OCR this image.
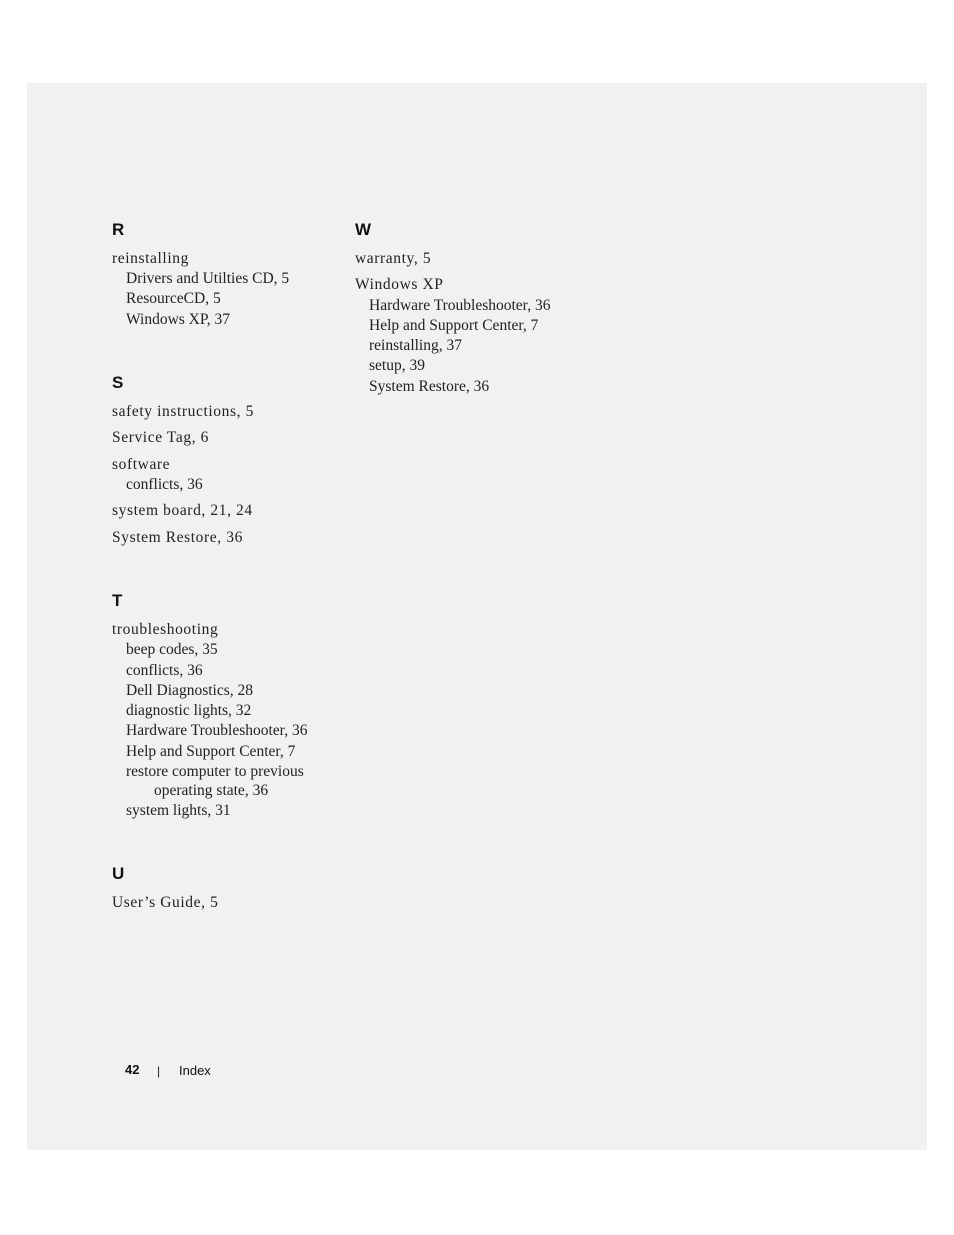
R
reinstalling
Drivers and Utilties CD, 5
ResourceCD, 5
Windows XP, 37
S
safety instructions, 5
Service Tag, 6
software
conflicts, 36
system board, 21, 24
System Restore, 36
T
troubleshooting
beep codes, 35
conflicts, 36
Dell Diagnostics, 28
diagnostic lights, 32
Hardware Troubleshooter, 36
Help and Support Center, 7
restore computer to previous
operating state, 36
system lights, 31
U
User’s Guide, 5
W
warranty, 5
Windows XP
Hardware Troubleshooter, 36
Help and Support Center, 7
reinstalling, 37
setup, 39
System Restore, 36
42 | Index
